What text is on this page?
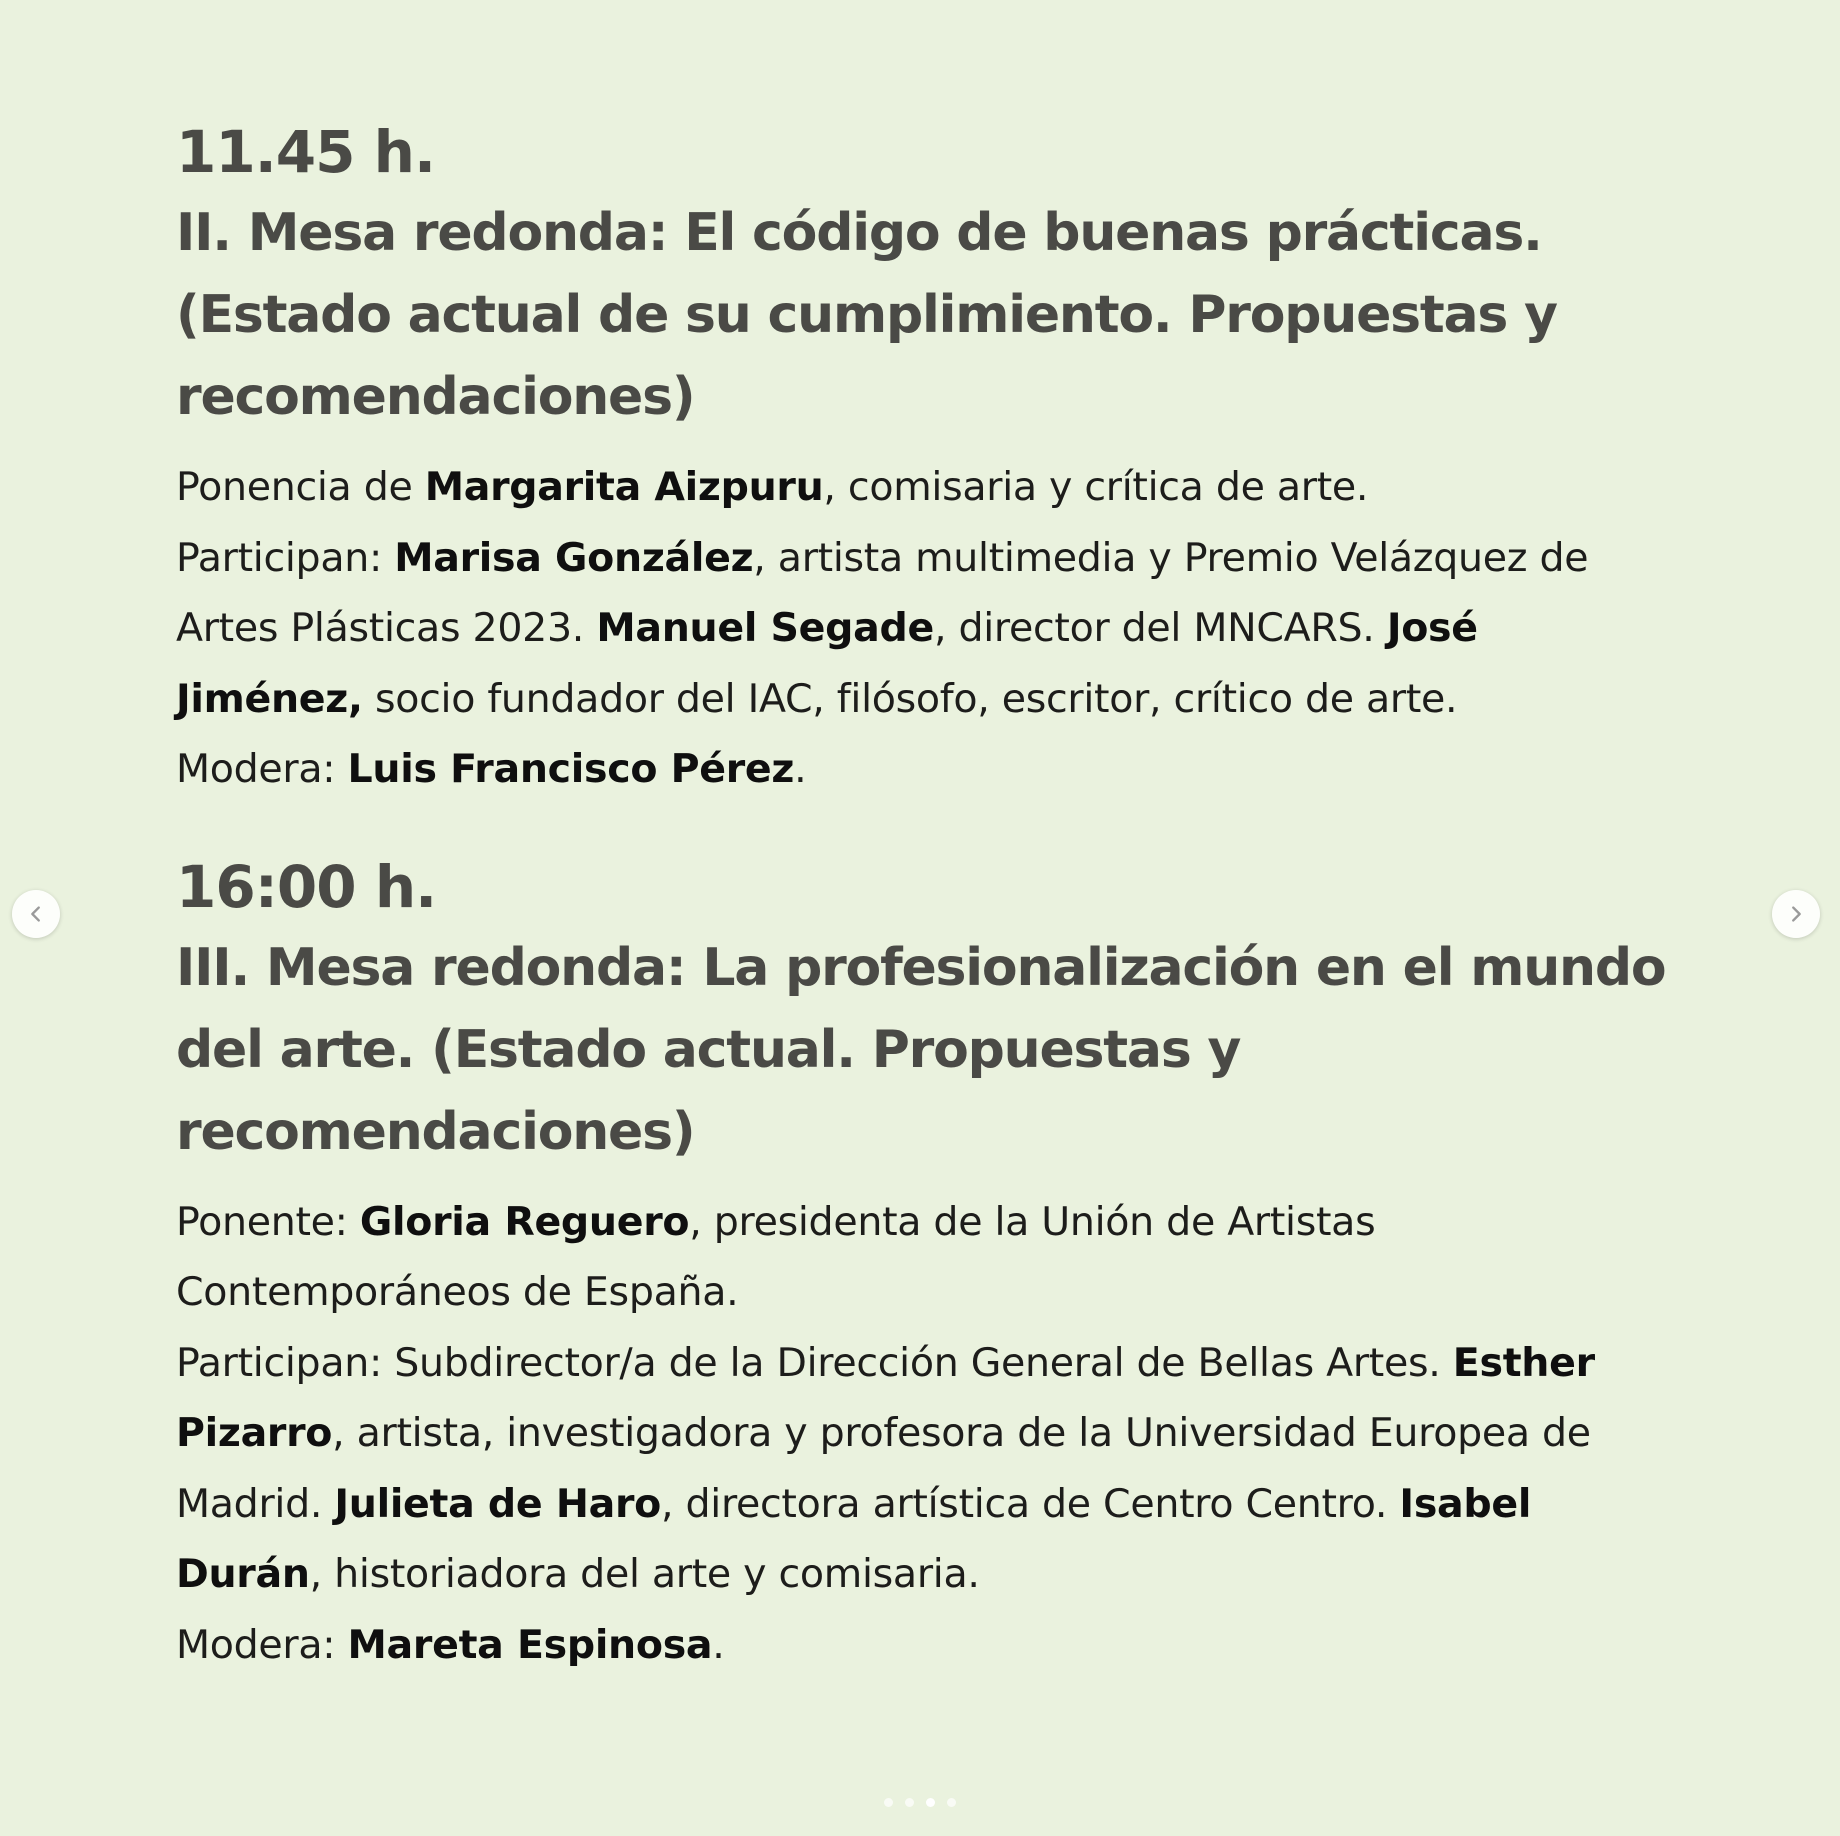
11.45 h.
II. Mesa redonda: El código de buenas prácticas. (Estado actual de su cumplimiento. Propuestas y recomendaciones)

Ponencia de Margarita Aizpuru, comisaria y crítica de arte.

Participan: Marisa González, artista multimedia y Premio Velázquez de Artes Plásticas 2023. Manuel Segade, director del MNCARS. José Jiménez, socio fundador del IAC, filósofo, escritor, crítico de arte.

Modera: Luis Francisco Pérez.

16:00 h.
III. Mesa redonda: La profesionalización en el mundo del arte. (Estado actual. Propuestas y recomendaciones)

Ponente: Gloria Reguero, presidenta de la Unión de Artistas Contemporáneos de España.

Participan: Subdirector/a de la Dirección General de Bellas Artes. Esther Pizarro, artista, investigadora y profesora de la Universidad Europea de Madrid. Julieta de Haro, directora artística de Centro Centro. Isabel Durán, historiadora del arte y comisaria.

Modera: Mareta Espinosa.
